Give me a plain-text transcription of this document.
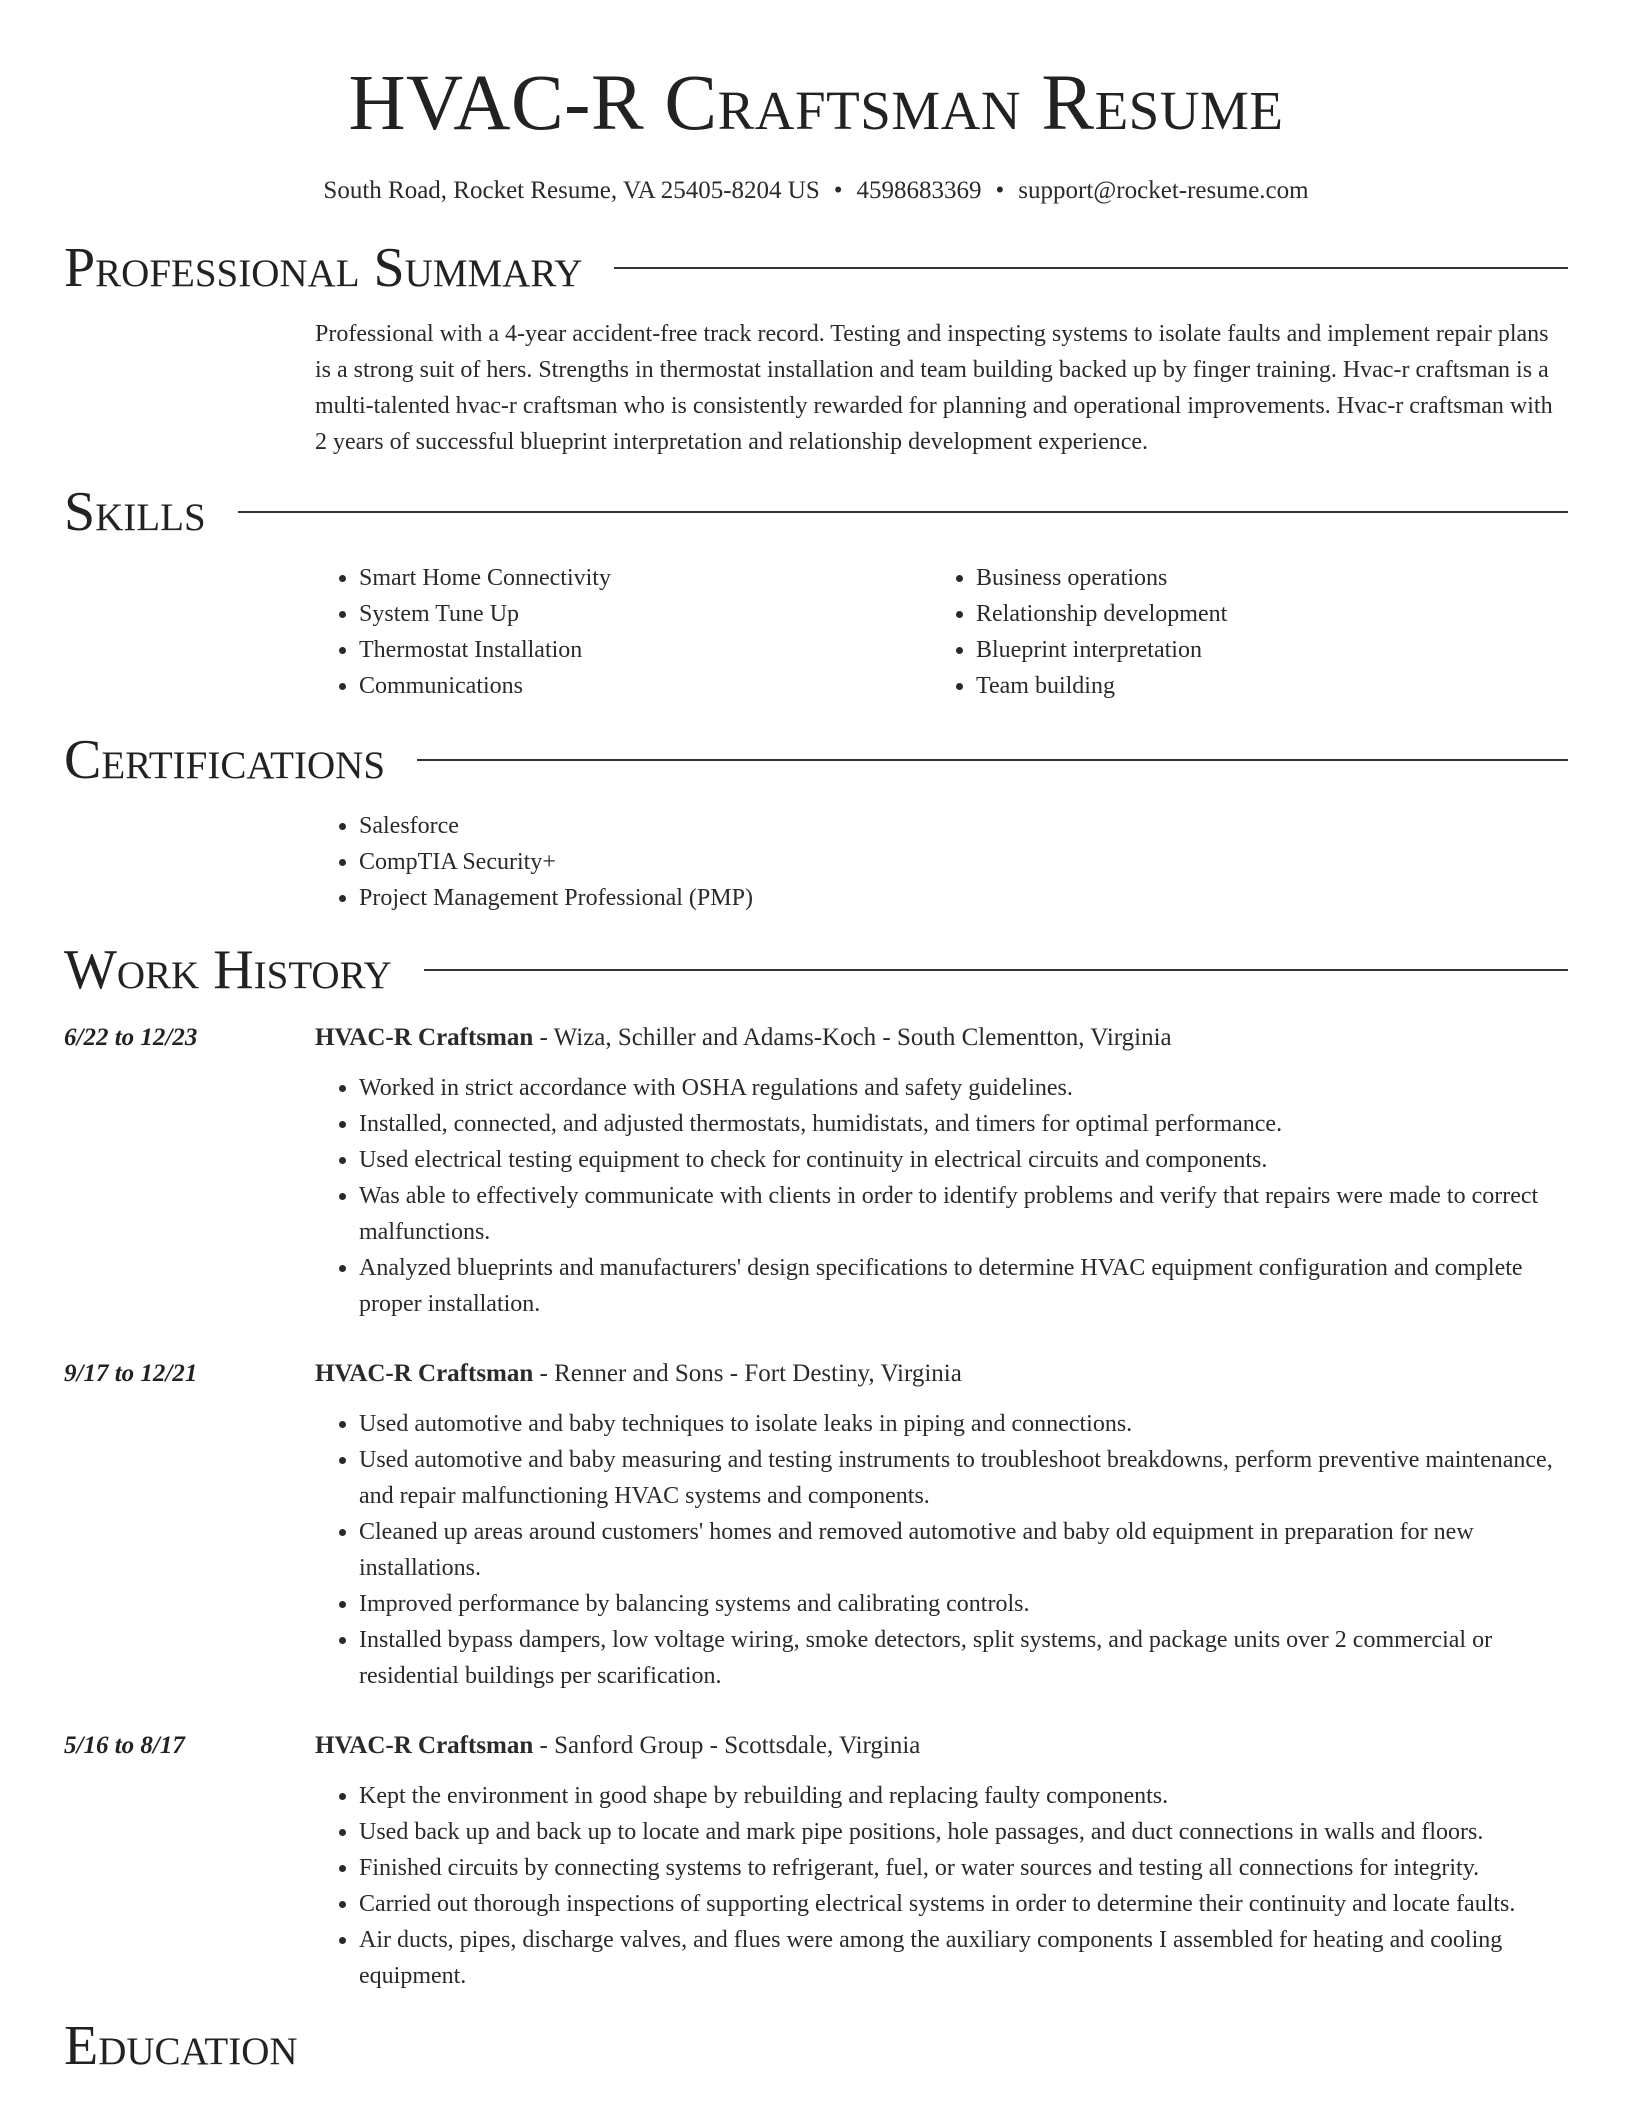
HVAC-R Craftsman Resume
South Road, Rocket Resume, VA 25405-8204 US • 4598683369 • support@rocket-resume.com
Professional Summary

Professional with a 4-year accident-free track record. Testing and inspecting systems to isolate faults and implement repair plans is a strong suit of hers. Strengths in thermostat installation and team building backed up by finger training. Hvac-r craftsman is a multi-talented hvac-r craftsman who is consistently rewarded for planning and operational improvements. Hvac-r craftsman with 2 years of successful blueprint interpretation and relationship development experience.

Skills
• Smart Home Connectivity
• System Tune Up
• Thermostat Installation
• Communications
• Business operations
• Relationship development
• Blueprint interpretation
• Team building
Certifications
• Salesforce
• CompTIA Security+
• Project Management Professional (PMP)
Work History
6/22 to 12/23	HVAC-R Craftsman - Wiza, Schiller and Adams-Koch - South Clementton, Virginia
• Worked in strict accordance with OSHA regulations and safety guidelines.
• Installed, connected, and adjusted thermostats, humidistats, and timers for optimal performance.
• Used electrical testing equipment to check for continuity in electrical circuits and components.
• Was able to effectively communicate with clients in order to identify problems and verify that repairs were made to correct malfunctions.
• Analyzed blueprints and manufacturers' design specifications to determine HVAC equipment configuration and complete proper installation.
9/17 to 12/21	HVAC-R Craftsman - Renner and Sons - Fort Destiny, Virginia
• Used automotive and baby techniques to isolate leaks in piping and connections.
• Used automotive and baby measuring and testing instruments to troubleshoot breakdowns, perform preventive maintenance, and repair malfunctioning HVAC systems and components.
• Cleaned up areas around customers' homes and removed automotive and baby old equipment in preparation for new installations.
• Improved performance by balancing systems and calibrating controls.
• Installed bypass dampers, low voltage wiring, smoke detectors, split systems, and package units over 2 commercial or residential buildings per scarification.
5/16 to 8/17	HVAC-R Craftsman - Sanford Group - Scottsdale, Virginia
• Kept the environment in good shape by rebuilding and replacing faulty components.
• Used back up and back up to locate and mark pipe positions, hole passages, and duct connections in walls and floors.
• Finished circuits by connecting systems to refrigerant, fuel, or water sources and testing all connections for integrity.
• Carried out thorough inspections of supporting electrical systems in order to determine their continuity and locate faults.
• Air ducts, pipes, discharge valves, and flues were among the auxiliary components I assembled for heating and cooling equipment.
Education
